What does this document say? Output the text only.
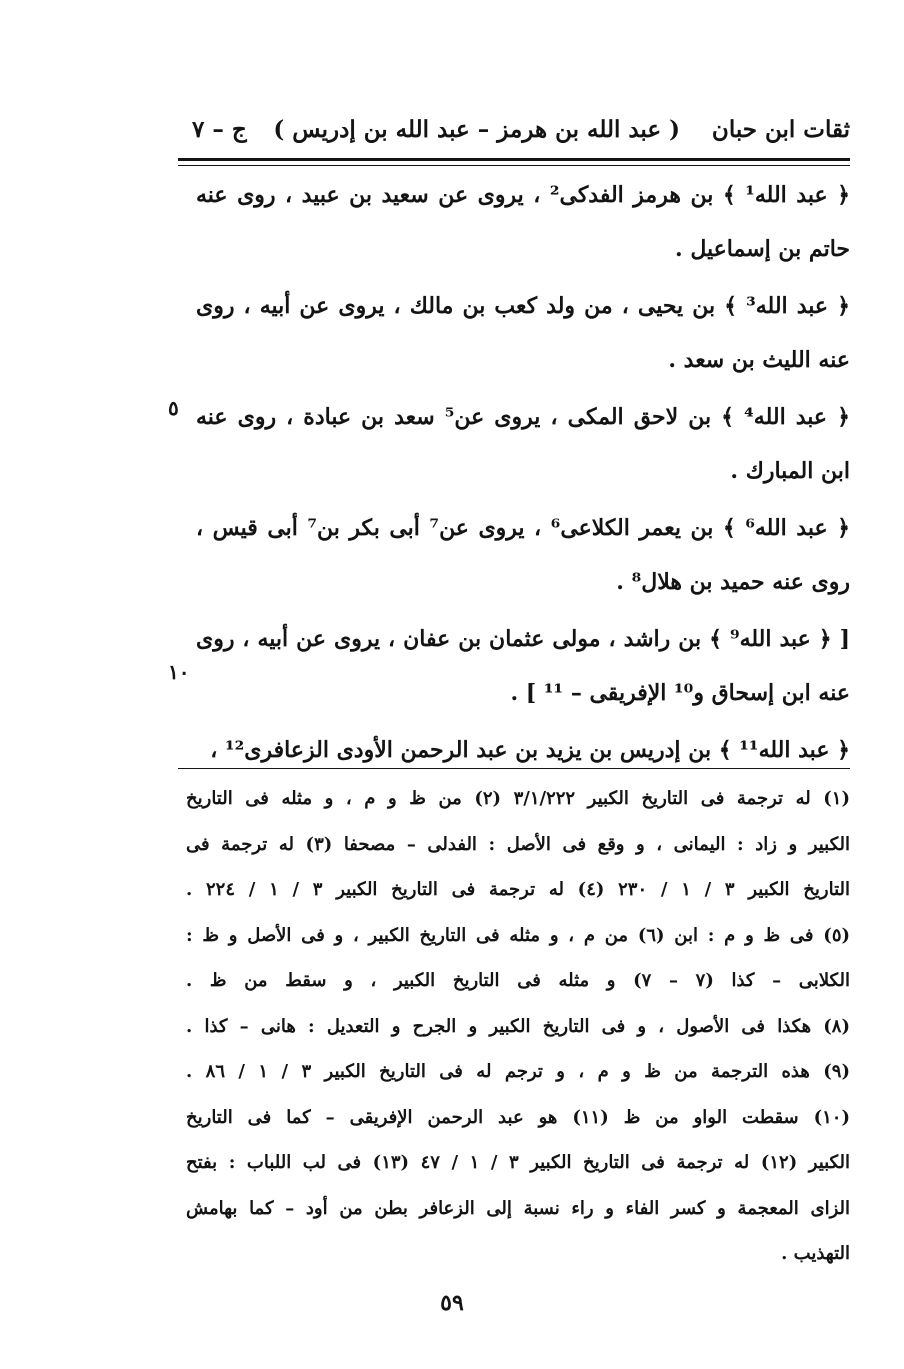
ثقات ابن حبان
( عبد الله بن هرمز – عبد الله بن إدريس )
ج – ٧
﴿ عبد الله¹ ﴾ بن هرمز الفدكى² ، يروى عن سعيد بن عبيد ، روى عنه
حاتم بن إسماعيل .
﴿ عبد الله³ ﴾ بن يحيى ، من ولد كعب بن مالك ، يروى عن أبيه ، روى
عنه الليث بن سعد .
﴿ عبد الله⁴ ﴾ بن لاحق المكى ، يروى عن⁵ سعد بن عبادة ، روى عنه
ابن المبارك .
﴿ عبد الله⁶ ﴾ بن يعمر الكلاعى⁶ ، يروى عن⁷ أبى بكر بن⁷ أبى قيس ،
روى عنه حميد بن هلال⁸ .
[ ﴿ عبد الله⁹ ﴾ بن راشد ، مولى عثمان بن عفان ، يروى عن أبيه ، روى
عنه ابن إسحاق و¹⁰ الإفريقى – ¹¹ ] .
﴿ عبد الله¹¹ ﴾ بن إدريس بن يزيد بن عبد الرحمن الأودى الزعافرى¹² ،
٥
١٠
(١) له ترجمة فى التاريخ الكبير ٣/١/٢٢٢ (٢) من ظ و م ، و مثله فى التاريخ
الكبير و زاد : اليمانى ، و وقع فى الأصل : الفدلى – مصحفا (٣) له ترجمة فى
التاريخ الكبير ٣ / ١ / ٢٣٠ (٤) له ترجمة فى التاريخ الكبير ٣ / ١ / ٢٢٤ .
(٥) فى ظ و م : ابن (٦) من م ، و مثله فى التاريخ الكبير ، و فى الأصل و ظ :
الكلابى – كذا (٧ – ٧) و مثله فى التاريخ الكبير ، و سقط من ظ .
(٨) هكذا فى الأصول ، و فى التاريخ الكبير و الجرح و التعديل : هانى – كذا .
(٩) هذه الترجمة من ظ و م ، و ترجم له فى التاريخ الكبير ٣ / ١ / ٨٦ .
(١٠) سقطت الواو من ظ (١١) هو عبد الرحمن الإفريقى – كما فى التاريخ
الكبير (١٢) له ترجمة فى التاريخ الكبير ٣ / ١ / ٤٧ (١٣) فى لب اللباب : بفتح
الزاى المعجمة و كسر الفاء و راء نسبة إلى الزعافر بطن من أود – كما بهامش
التهذيب .
٥٩
